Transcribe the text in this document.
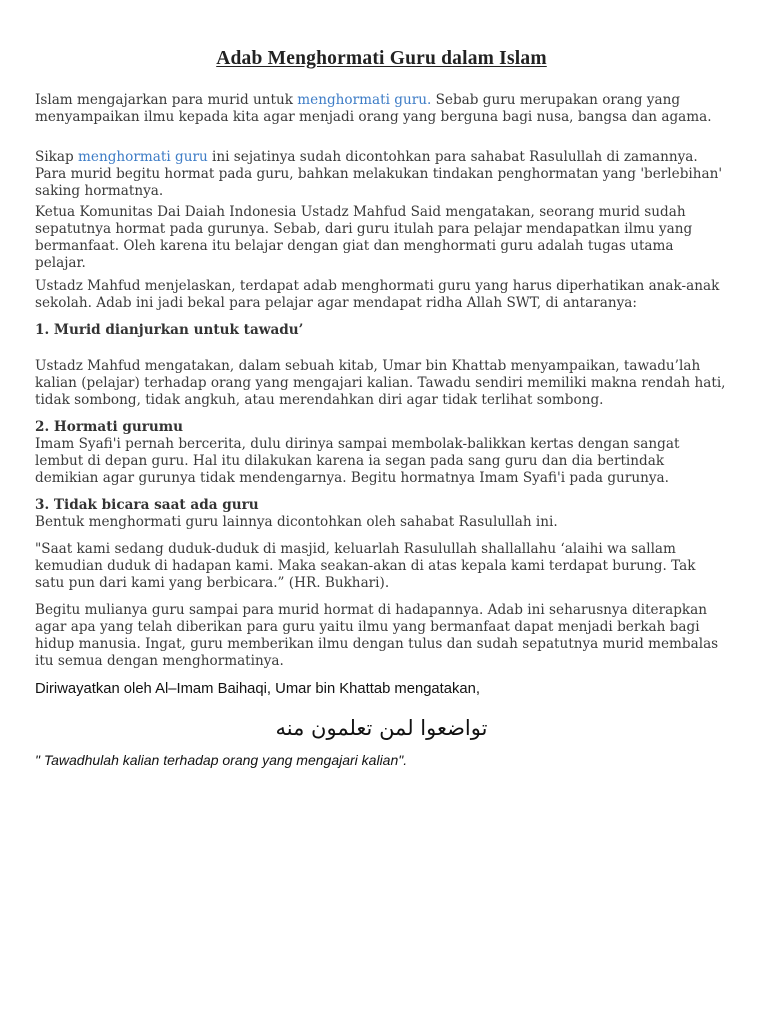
Adab Menghormati Guru dalam Islam

Islam mengajarkan para murid untuk menghormati guru. Sebab guru merupakan orang yang menyampaikan ilmu kepada kita agar menjadi orang yang berguna bagi nusa, bangsa dan agama.

Sikap menghormati guru ini sejatinya sudah dicontohkan para sahabat Rasulullah di zamannya. Para murid begitu hormat pada guru, bahkan melakukan tindakan penghormatan yang 'berlebihan' saking hormatnya.

Ketua Komunitas Dai Daiah Indonesia Ustadz Mahfud Said mengatakan, seorang murid sudah sepatutnya hormat pada gurunya. Sebab, dari guru itulah para pelajar mendapatkan ilmu yang bermanfaat. Oleh karena itu belajar dengan giat dan menghormati guru adalah tugas utama pelajar.

Ustadz Mahfud menjelaskan, terdapat adab menghormati guru yang harus diperhatikan anak-anak sekolah. Adab ini jadi bekal para pelajar agar mendapat ridha Allah SWT, di antaranya:

1. Murid dianjurkan untuk tawadu’

Ustadz Mahfud mengatakan, dalam sebuah kitab, Umar bin Khattab menyampaikan, tawadu’lah kalian (pelajar) terhadap orang yang mengajari kalian. Tawadu sendiri memiliki makna rendah hati, tidak sombong, tidak angkuh, atau merendahkan diri agar tidak terlihat sombong.

2. Hormati gurumu

Imam Syafi'i pernah bercerita, dulu dirinya sampai membolak-balikkan kertas dengan sangat lembut di depan guru. Hal itu dilakukan karena ia segan pada sang guru dan dia bertindak demikian agar gurunya tidak mendengarnya. Begitu hormatnya Imam Syafi'i pada gurunya.

3. Tidak bicara saat ada guru

Bentuk menghormati guru lainnya dicontohkan oleh sahabat Rasulullah ini.

"Saat kami sedang duduk-duduk di masjid, keluarlah Rasulullah shallallahu ‘alaihi wa sallam kemudian duduk di hadapan kami. Maka seakan-akan di atas kepala kami terdapat burung. Tak satu pun dari kami yang berbicara.” (HR. Bukhari).

Begitu mulianya guru sampai para murid hormat di hadapannya. Adab ini seharusnya diterapkan agar apa yang telah diberikan para guru yaitu ilmu yang bermanfaat dapat menjadi berkah bagi hidup manusia. Ingat, guru memberikan ilmu dengan tulus dan sudah sepatutnya murid membalas itu semua dengan menghormatinya.

Diriwayatkan oleh Al–Imam Baihaqi, Umar bin Khattab mengatakan,

تواضعوا لمن تعلمون منه

" Tawadhulah kalian terhadap orang yang mengajari kalian".
